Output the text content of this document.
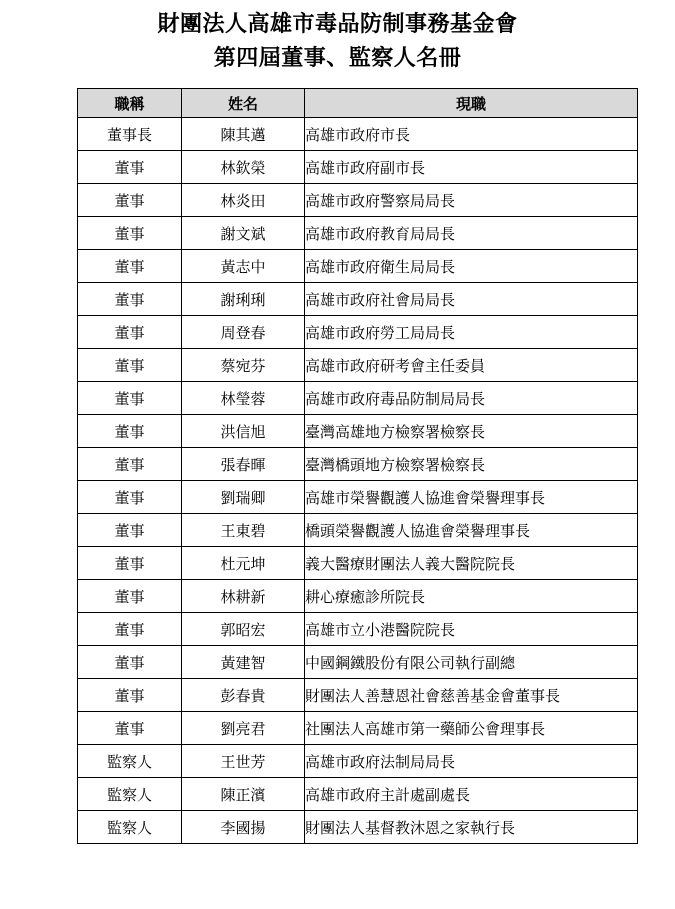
財團法人高雄市毒品防制事務基金會
第四屆董事、監察人名冊
職稱	姓名	現職
董事長	陳其邁	高雄市政府市長
董事	林欽榮	高雄市政府副市長
董事	林炎田	高雄市政府警察局局長
董事	謝文斌	高雄市政府教育局局長
董事	黃志中	高雄市政府衛生局局長
董事	謝琍琍	高雄市政府社會局局長
董事	周登春	高雄市政府勞工局局長
董事	蔡宛芬	高雄市政府研考會主任委員
董事	林瑩蓉	高雄市政府毒品防制局局長
董事	洪信旭	臺灣高雄地方檢察署檢察長
董事	張春暉	臺灣橋頭地方檢察署檢察長
董事	劉瑞卿	高雄市榮譽觀護人協進會榮譽理事長
董事	王東碧	橋頭榮譽觀護人協進會榮譽理事長
董事	杜元坤	義大醫療財團法人義大醫院院長
董事	林耕新	耕心療癒診所院長
董事	郭昭宏	高雄市立小港醫院院長
董事	黃建智	中國鋼鐵股份有限公司執行副總
董事	彭春貴	財團法人善慧恩社會慈善基金會董事長
董事	劉亮君	社團法人高雄市第一藥師公會理事長
監察人	王世芳	高雄市政府法制局局長
監察人	陳正濱	高雄市政府主計處副處長
監察人	李國揚	財團法人基督教沐恩之家執行長
